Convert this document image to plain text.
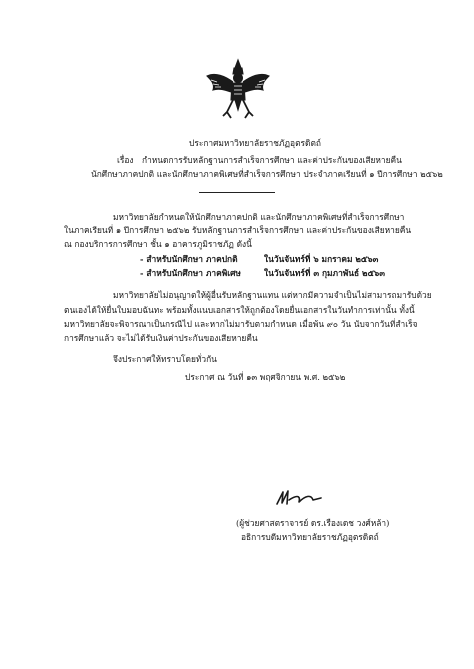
ประกาศมหาวิทยาลัยราชภัฏอุตรดิตถ์
เรื่อง กำหนดการรับหลักฐานการสำเร็จการศึกษา และค่าประกันของเสียหายคืน
นักศึกษาภาคปกติ และนักศึกษาภาคพิเศษที่สำเร็จการศึกษา ประจำภาคเรียนที่ ๑ ปีการศึกษา ๒๕๖๒
มหาวิทยาลัยกำหนดให้นักศึกษาภาคปกติ และนักศึกษาภาคพิเศษที่สำเร็จการศึกษา
ในภาคเรียนที่ ๑ ปีการศึกษา ๒๕๖๒ รับหลักฐานการสำเร็จการศึกษา และค่าประกันของเสียหายคืน
ณ กองบริการการศึกษา ชั้น ๑ อาคารภูมิราชภัฏ ดังนี้
- สำหรับนักศึกษา ภาคปกติ	ในวันจันทร์ที่ ๖ มกราคม ๒๕๖๓
- สำหรับนักศึกษา ภาคพิเศษ	ในวันจันทร์ที่ ๓ กุมภาพันธ์ ๒๕๖๓
มหาวิทยาลัยไม่อนุญาตให้ผู้อื่นรับหลักฐานแทน แต่หากมีความจำเป็นไม่สามารถมารับด้วย
ตนเองได้ให้ยื่นใบมอบฉันทะ พร้อมทั้งแนบเอกสารให้ถูกต้องโดยยื่นเอกสารในวันทำการเท่านั้น ทั้งนี้
มหาวิทยาลัยจะพิจารณาเป็นกรณีไป และหากไม่มารับตามกำหนด เมื่อพ้น ๙๐ วัน นับจากวันที่สำเร็จ
การศึกษาแล้ว จะไม่ได้รับเงินค่าประกันของเสียหายคืน
จึงประกาศให้ทราบโดยทั่วกัน
ประกาศ ณ วันที่ ๑๓ พฤศจิกายน พ.ศ. ๒๕๖๒
(ผู้ช่วยศาสตราจารย์ ดร.เรืองเดช วงศ์หล้า)
อธิการบดีมหาวิทยาลัยราชภัฏอุตรดิตถ์
